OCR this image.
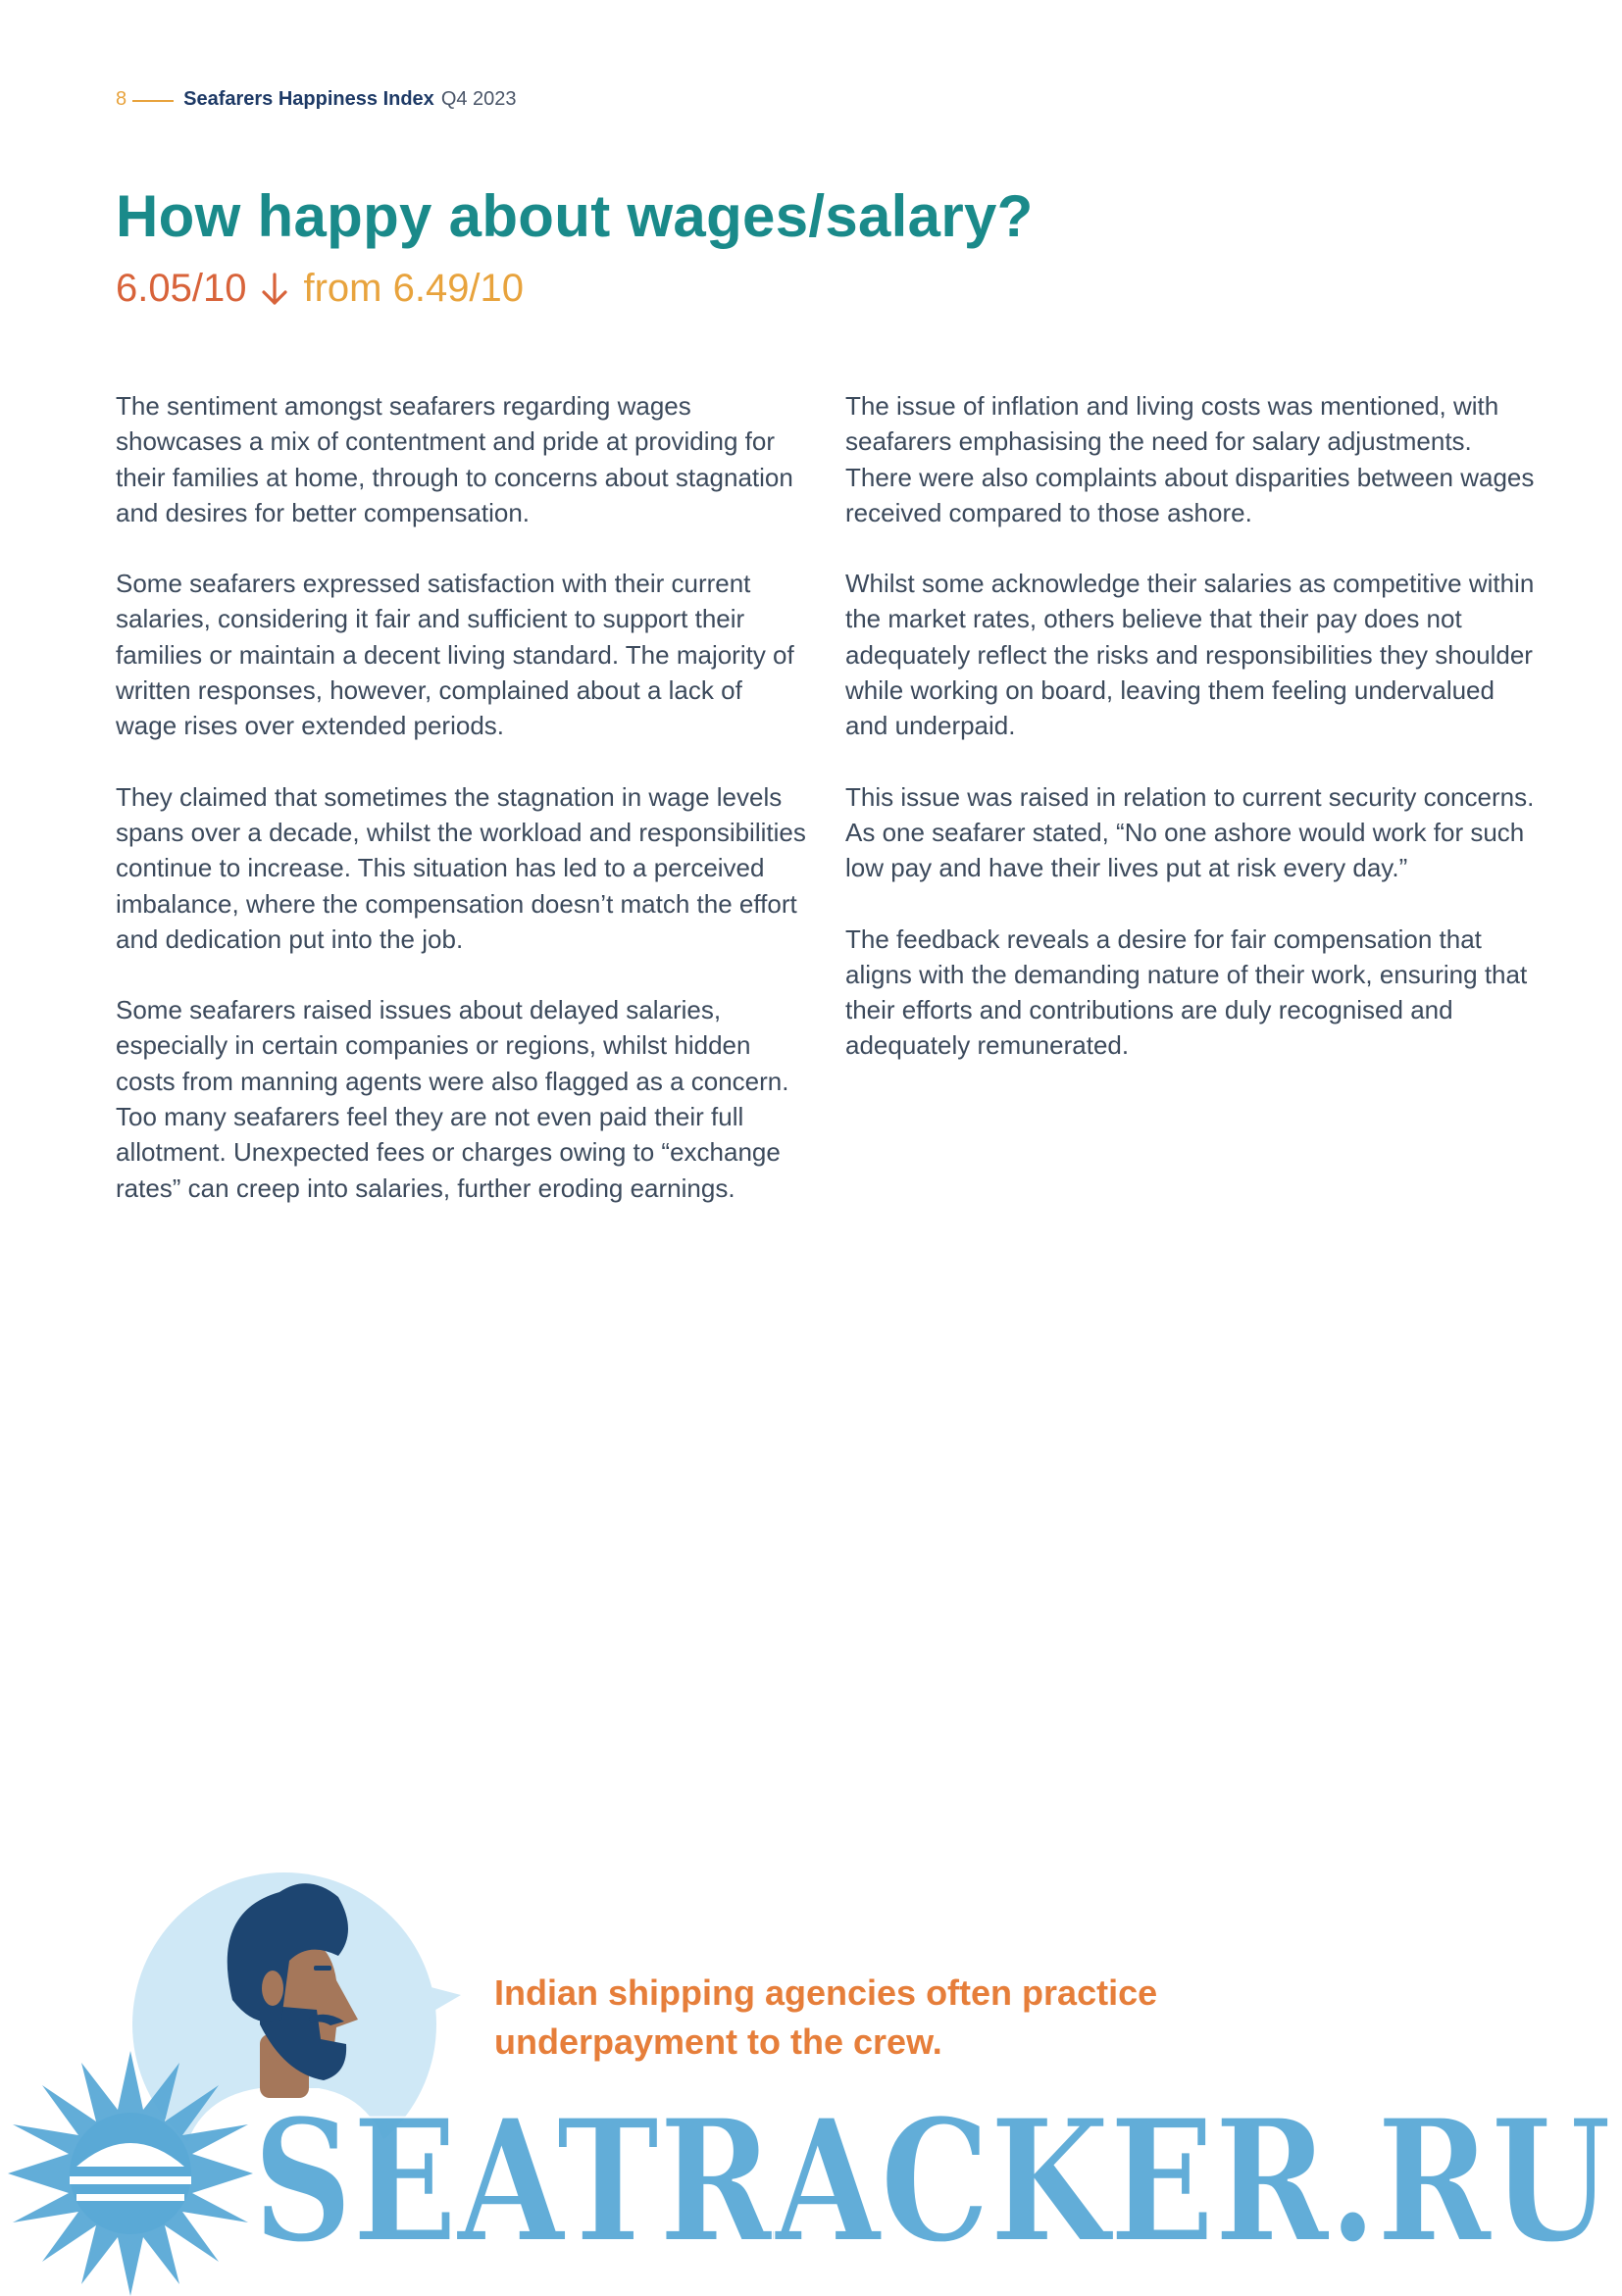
8	Seafarers Happiness Index Q4 2023
How happy about wages/salary?
6.05/10 from 6.49/10

The sentiment amongst seafarers regarding wages showcases a mix of contentment and pride at providing for their families at home, through to concerns about stagnation and desires for better compensation.

Some seafarers expressed satisfaction with their current salaries, considering it fair and sufficient to support their families or maintain a decent living standard. The majority of written responses, however, complained about a lack of wage rises over extended periods.

They claimed that sometimes the stagnation in wage levels spans over a decade, whilst the workload and responsibilities continue to increase. This situation has led to a perceived imbalance, where the compensation doesn’t match the effort and dedication put into the job.

Some seafarers raised issues about delayed salaries, especially in certain companies or regions, whilst hidden costs from manning agents were also flagged as a concern. Too many seafarers feel they are not even paid their full allotment. Unexpected fees or charges owing to “exchange rates” can creep into salaries, further eroding earnings.

The issue of inflation and living costs was mentioned, with seafarers emphasising the need for salary adjustments. There were also complaints about disparities between wages received compared to those ashore.

Whilst some acknowledge their salaries as competitive within the market rates, others believe that their pay does not adequately reflect the risks and responsibilities they shoulder while working on board, leaving them feeling undervalued and underpaid.

This issue was raised in relation to current security concerns. As one seafarer stated, “No one ashore would work for such low pay and have their lives put at risk every day.”

The feedback reveals a desire for fair compensation that aligns with the demanding nature of their work, ensuring that their efforts and contributions are duly recognised and adequately remunerated.

Indian shipping agencies often practice

underpayment to the crew.

SEATRACKER.RU
